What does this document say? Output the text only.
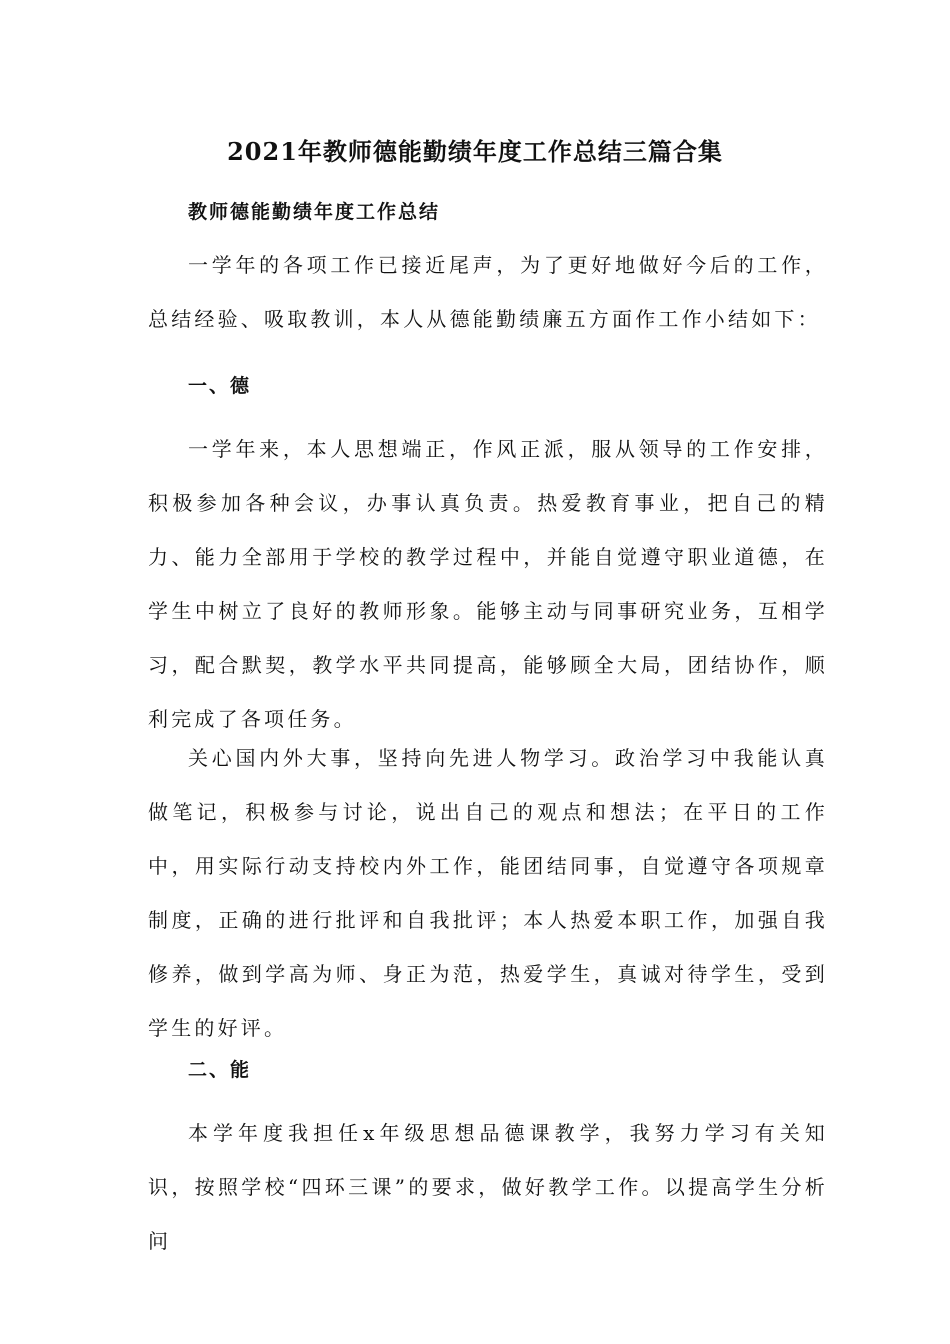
2021年教师德能勤绩年度工作总结三篇合集
教师德能勤绩年度工作总结

一学年的各项工作已接近尾声，为了更好地做好今后的工作，总结经验、吸取教训，本人从德能勤绩廉五方面作工作小结如下：

一、德

一学年来，本人思想端正，作风正派，服从领导的工作安排，积极参加各种会议，办事认真负责。热爱教育事业，把自己的精力、能力全部用于学校的教学过程中，并能自觉遵守职业道德，在学生中树立了良好的教师形象。能够主动与同事研究业务，互相学习，配合默契，教学水平共同提高，能够顾全大局，团结协作，顺利完成了各项任务。

关心国内外大事，坚持向先进人物学习。政治学习中我能认真做笔记，积极参与讨论，说出自己的观点和想法；在平日的工作中，用实际行动支持校内外工作，能团结同事，自觉遵守各项规章制度，正确的进行批评和自我批评；本人热爱本职工作，加强自我修养，做到学高为师、身正为范，热爱学生，真诚对待学生，受到学生的好评。

二、能

本学年度我担任x年级思想品德课教学，我努力学习有关知识，按照学校“四环三课”的要求，做好教学工作。以提高学生分析问
